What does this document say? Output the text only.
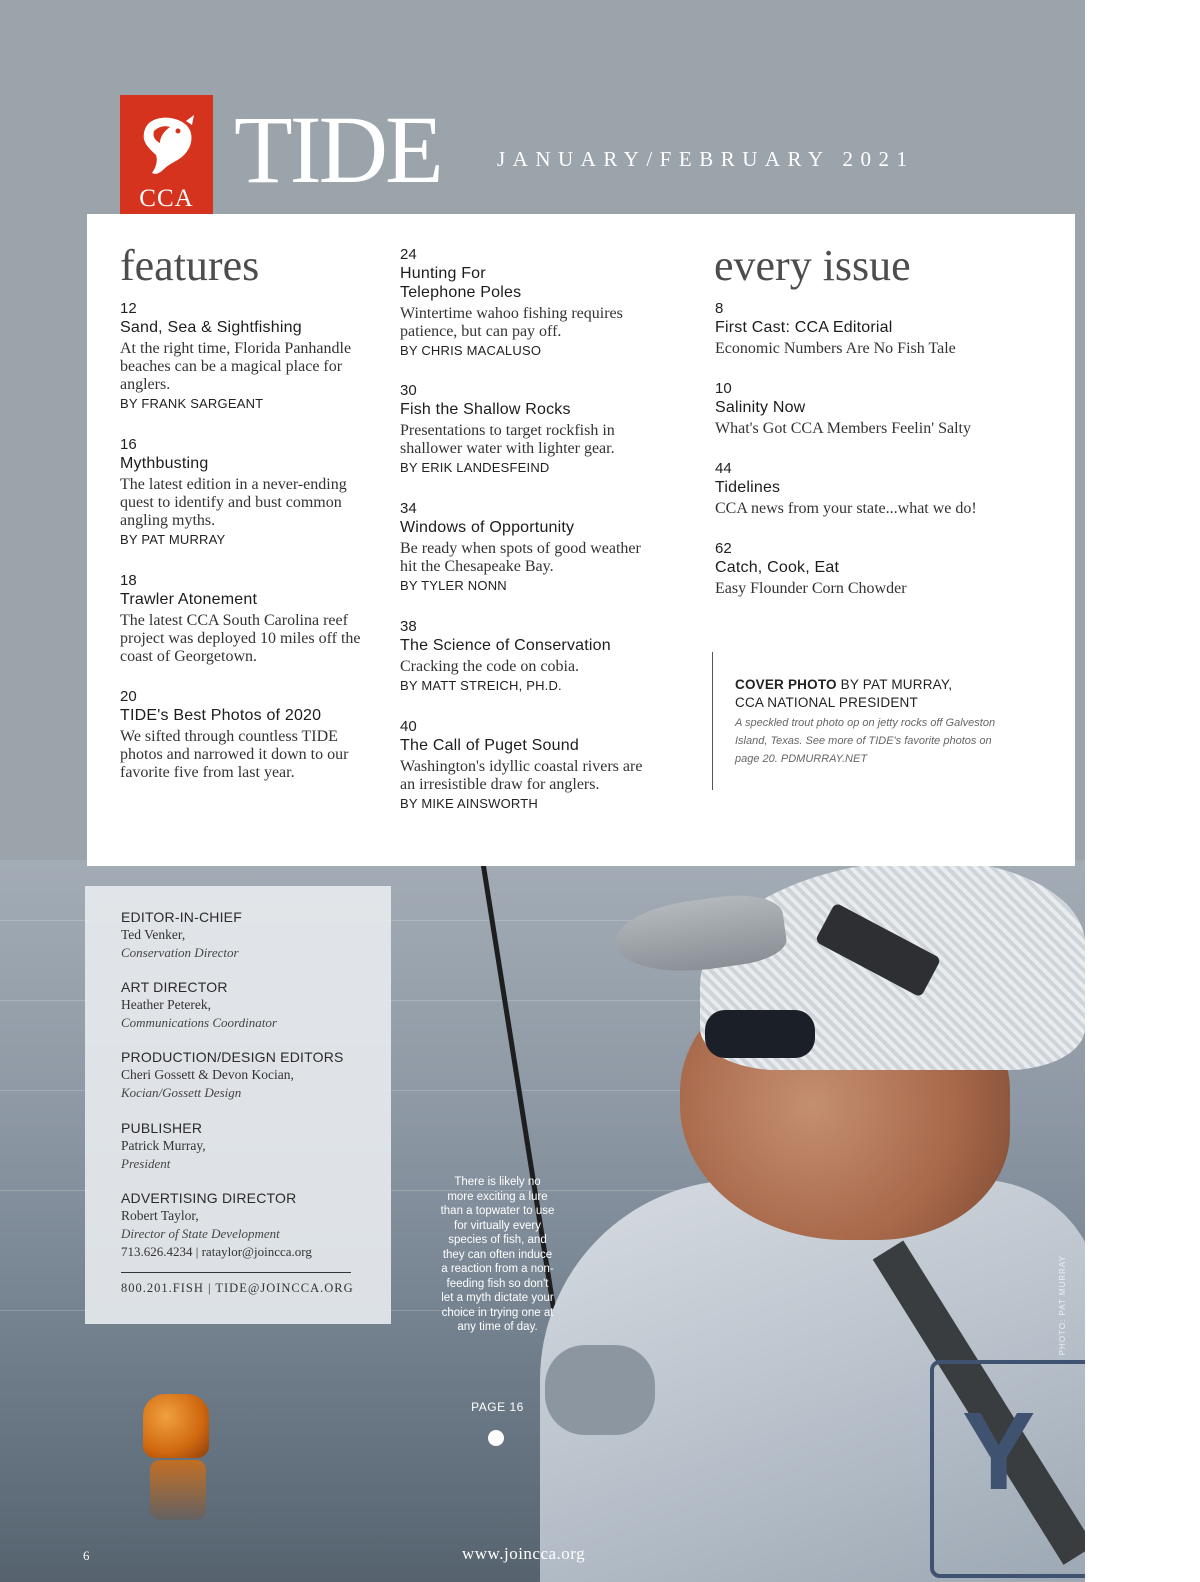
Y
CCA TIDE	JANUARY/FEBRUARY 2021
features
12
Sand, Sea & Sightfishing
At the right time, Florida Panhandle beaches can be a magical place for anglers.
BY FRANK SARGEANT
16
Mythbusting
The latest edition in a never-ending quest to identify and bust common angling myths.
BY PAT MURRAY
18
Trawler Atonement
The latest CCA South Carolina reef project was deployed 10 miles off the coast of Georgetown.
20
TIDE's Best Photos of 2020
We sifted through countless TIDE photos and narrowed it down to our favorite five from last year.
24
Hunting For Telephone Poles
Wintertime wahoo fishing requires patience, but can pay off.
BY CHRIS MACALUSO
30
Fish the Shallow Rocks
Presentations to target rockfish in shallower water with lighter gear.
BY ERIK LANDESFEIND
34
Windows of Opportunity
Be ready when spots of good weather hit the Chesapeake Bay.
BY TYLER NONN
38
The Science of Conservation
Cracking the code on cobia.
BY MATT STREICH, PH.D.
40
The Call of Puget Sound
Washington's idyllic coastal rivers are an irresistible draw for anglers.
BY MIKE AINSWORTH
every issue
8
First Cast: CCA Editorial
Economic Numbers Are No Fish Tale
10
Salinity Now
What's Got CCA Members Feelin' Salty
44
Tidelines
CCA news from your state...what we do!
62
Catch, Cook, Eat
Easy Flounder Corn Chowder
COVER PHOTO BY PAT MURRAY,
CCA NATIONAL PRESIDENT
A speckled trout photo op on jetty rocks off Galveston Island, Texas. See more of TIDE's favorite photos on page 20. PDMURRAY.NET
EDITOR-IN-CHIEF
Ted Venker,
Conservation Director
ART DIRECTOR
Heather Peterek,
Communications Coordinator
PRODUCTION/DESIGN EDITORS
Cheri Gossett & Devon Kocian,
Kocian/Gossett Design
PUBLISHER
Patrick Murray,
President
ADVERTISING DIRECTOR
Robert Taylor,
Director of State Development
713.626.4234 | rataylor@joincca.org
800.201.FISH | TIDE@JOINCCA.ORG
There is likely no more exciting a lure than a topwater to use for virtually every species of fish, and they can often induce a reaction from a non-feeding fish so don't let a myth dictate your choice in trying one at any time of day.
PAGE 16
PHOTO: PAT MURRAY
6	www.joincca.org
